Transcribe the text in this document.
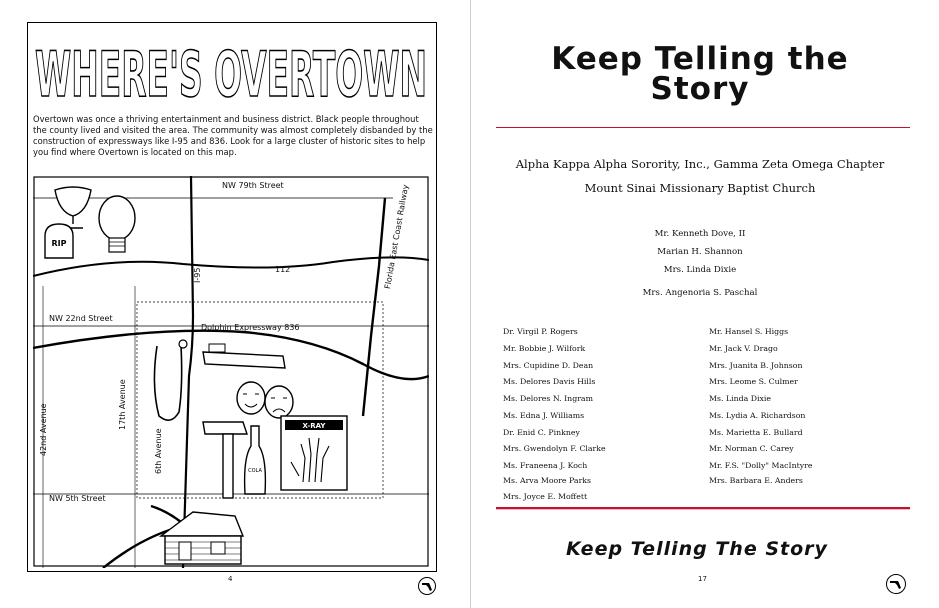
WHERE'S OVERTOWN
Overtown was once a thriving entertainment and business district. Black people throughout the county lived and visited the area. The community was almost completely disbanded by the construction of expressways like I-95 and 836. Look for a large cluster of historic sites to help you find where Overtown is located on this map.
RIP
COLA
X-RAY
NW 79th Street
I-95	112	Florida East Coast Railway
NW 22nd Street
Dolphin Expressway 836
42nd Avenue	17th Avenue
6th Avenue
NW 5th Street
4
Keep Telling the
Story
Alpha Kappa Alpha Sorority, Inc., Gamma Zeta Omega Chapter
Mount Sinai Missionary Baptist Church
Mr. Kenneth Dove, II
Marian H. Shannon
Mrs. Linda Dixie
Mrs. Angenoria S. Paschal
Dr. Virgil P. Rogers
Mr. Bobbie J. Wilfork
Mrs. Cupidine D. Dean
Ms. Delores Davis Hills
Ms. Delores N. Ingram
Ms. Edna J. Williams
Dr. Enid C. Pinkney
Mrs. Gwendolyn F. Clarke
Ms. Franeena J. Koch
Ms. Arva Moore Parks
Mrs. Joyce E. Moffett
Mr. Hansel S. Higgs
Mr. Jack V. Drago
Mrs. Juanita B. Johnson
Mrs. Leome S. Culmer
Ms. Linda Dixie
Ms. Lydia A. Richardson
Ms. Marietta E. Bullard
Mr. Norman C. Carey
Mr. F.S. "Dolly" MacIntyre
Mrs. Barbara E. Anders
Keep Telling The Story
17
